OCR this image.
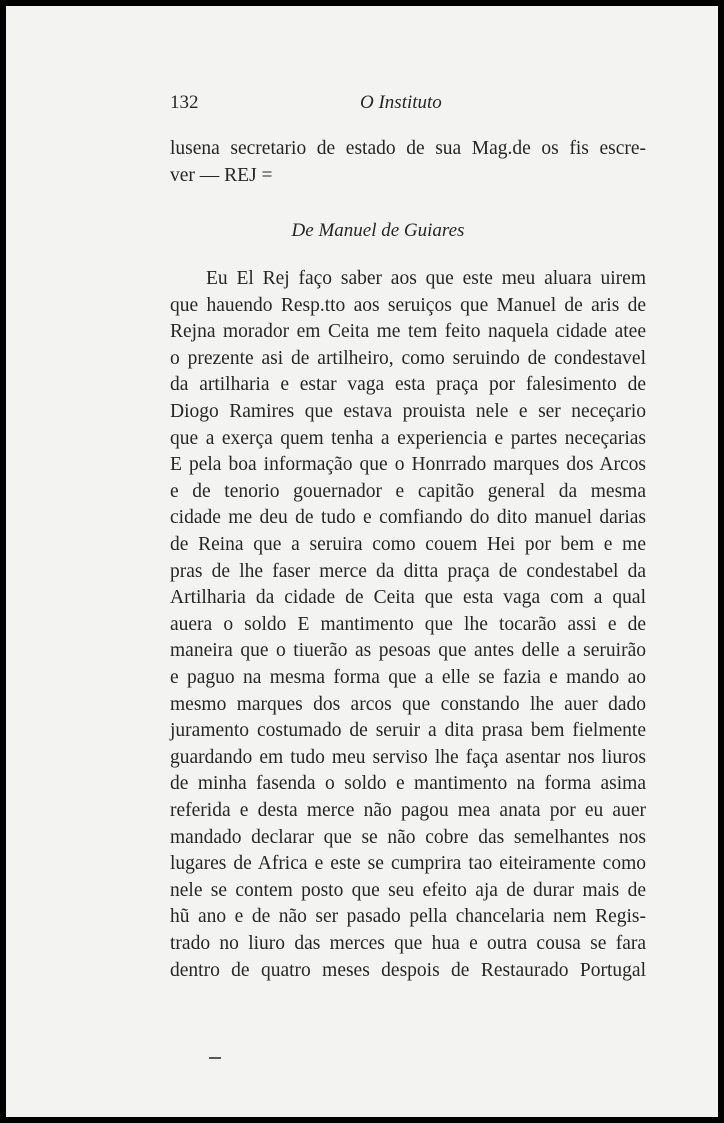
132	O Instituto
lusena secretario de estado de sua Mag.de os fis escre-
ver — REJ =
De Manuel de Guiares
Eu El Rej faço saber aos que este meu aluara uirem
que hauendo Resp.tto aos seruiços que Manuel de aris de
Rejna morador em Ceita me tem feito naquela cidade atee
o prezente asi de artilheiro, como seruindo de condestavel
da artilharia e estar vaga esta praça por falesimento de
Diogo Ramires que estava prouista nele e ser neceçario
que a exerça quem tenha a experiencia e partes neceçarias
E pela boa informação que o Honrrado marques dos Arcos
e de tenorio gouernador e capitão general da mesma
cidade me deu de tudo e comfiando do dito manuel darias
de Reina que a seruira como couem Hei por bem e me
pras de lhe faser merce da ditta praça de condestabel da
Artilharia da cidade de Ceita que esta vaga com a qual
auera o soldo E mantimento que lhe tocarão assi e de
maneira que o tiuerão as pesoas que antes delle a seruirão
e paguo na mesma forma que a elle se fazia e mando ao
mesmo marques dos arcos que constando lhe auer dado
juramento costumado de seruir a dita prasa bem fielmente
guardando em tudo meu serviso lhe faça asentar nos liuros
de minha fasenda o soldo e mantimento na forma asima
referida e desta merce não pagou mea anata por eu auer
mandado declarar que se não cobre das semelhantes nos
lugares de Africa e este se cumprira tao eiteiramente como
nele se contem posto que seu efeito aja de durar mais de
hũ ano e de não ser pasado pella chancelaria nem Regis-
trado no liuro das merces que hua e outra cousa se fara
dentro de quatro meses despois de Restaurado Portugal
